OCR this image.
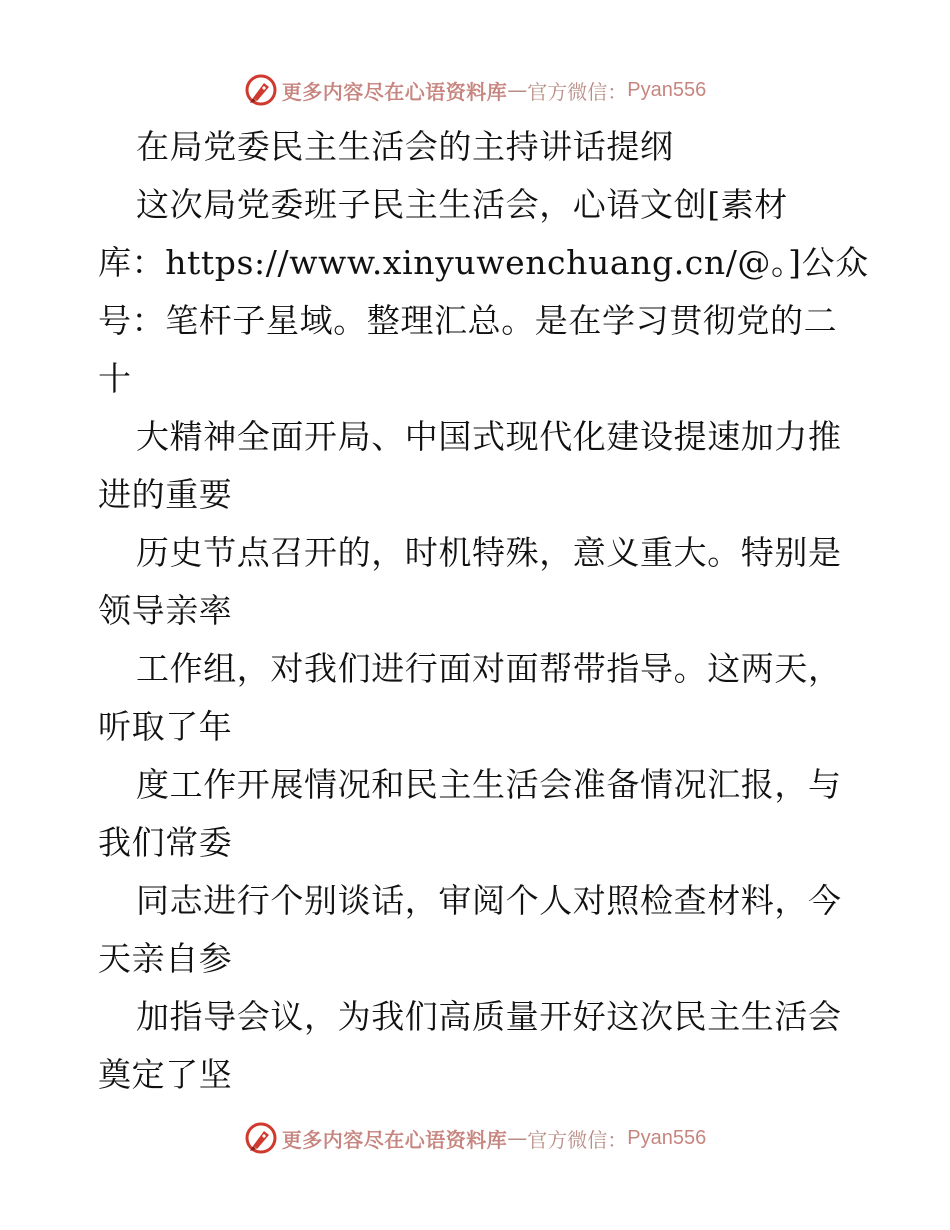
更多内容尽在心语资料库 — 官方微信： Pyan556
在局党委民主生活会的主持讲话提纲
这次局党委班子民主生活会，心语文创[素材
库：https://www.xinyuwenchuang.cn/@。]公众
号：笔杆子星域。整理汇总。是在学习贯彻党的二
十
大精神全面开局、中国式现代化建设提速加力推
进的重要
历史节点召开的，时机特殊，意义重大。特别是
领导亲率
工作组，对我们进行面对面帮带指导。这两天，
听取了年
度工作开展情况和民主生活会准备情况汇报，与
我们常委
同志进行个别谈话，审阅个人对照检查材料，今
天亲自参
加指导会议，为我们高质量开好这次民主生活会
奠定了坚
更多内容尽在心语资料库 — 官方微信： Pyan556
